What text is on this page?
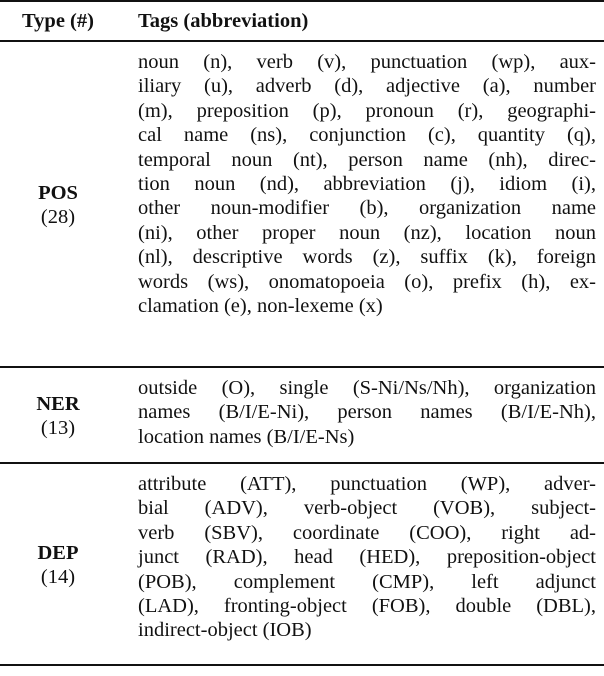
Type (#)	Tags (abbreviation)
POS
(28)
noun (n), verb (v), punctuation (wp), aux-
iliary (u), adverb (d), adjective (a), number
(m), preposition (p), pronoun (r), geographi-
cal name (ns), conjunction (c), quantity (q),
temporal noun (nt), person name (nh), direc-
tion noun (nd), abbreviation (j), idiom (i),
other noun-modifier (b), organization name
(ni), other proper noun (nz), location noun
(nl), descriptive words (z), suffix (k), foreign
words (ws), onomatopoeia (o), prefix (h), ex-
clamation (e), non-lexeme (x)
NER
(13)
outside (O), single (S-Ni/Ns/Nh), organization
names (B/I/E-Ni), person names (B/I/E-Nh),
location names (B/I/E-Ns)
DEP
(14)
attribute (ATT), punctuation (WP), adver-
bial (ADV), verb-object (VOB), subject-
verb (SBV), coordinate (COO), right ad-
junct (RAD), head (HED), preposition-object
(POB), complement (CMP), left adjunct
(LAD), fronting-object (FOB), double (DBL),
indirect-object (IOB)
